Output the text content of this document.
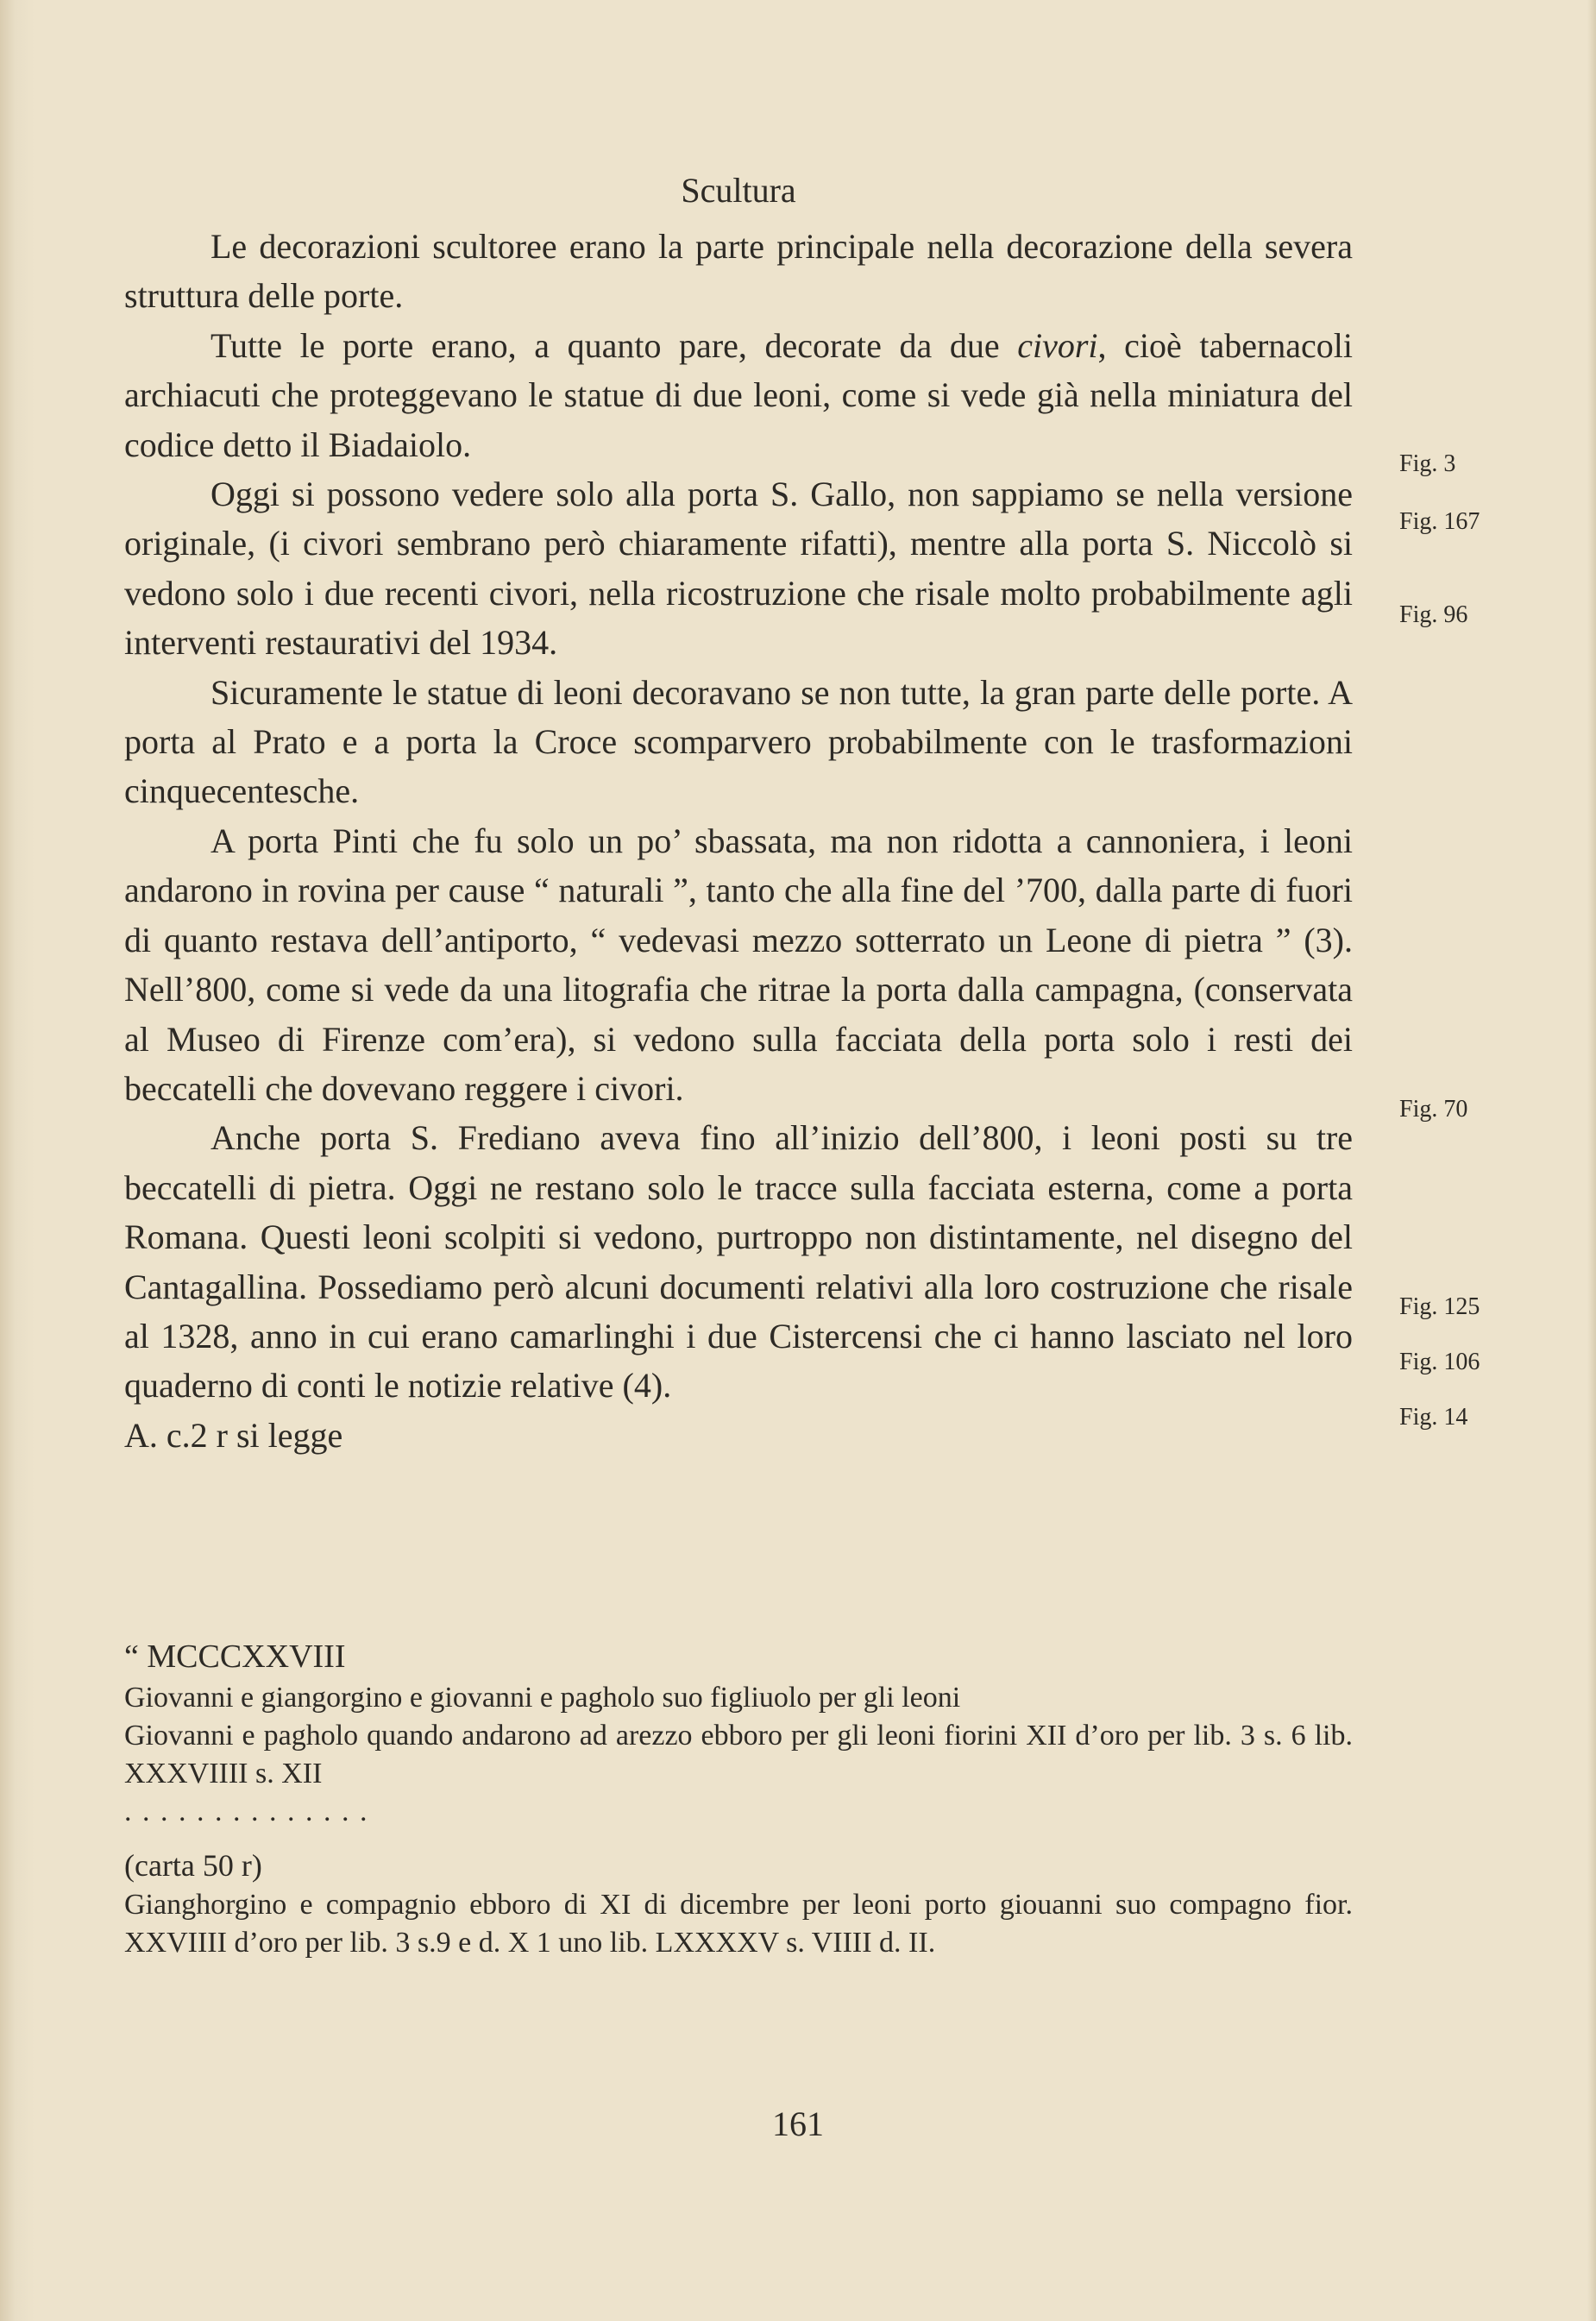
Scultura

Le decorazioni scultoree erano la parte principale nella decorazione della severa struttura delle porte.

Tutte le porte erano, a quanto pare, decorate da due civori, cioè tabernacoli archiacuti che proteggevano le statue di due leoni, come si vede già nella miniatura del codice detto il Biadaiolo.

Oggi si possono vedere solo alla porta S. Gallo, non sappiamo se nella versione originale, (i civori sembrano però chiaramente rifatti), mentre alla porta S. Niccolò si vedono solo i due recenti civori, nella ricostruzione che risale molto probabilmente agli interventi restaurativi del 1934.

Sicuramente le statue di leoni decoravano se non tutte, la gran parte delle porte. A porta al Prato e a porta la Croce scomparvero probabilmente con le trasformazioni cinquecentesche.

A porta Pinti che fu solo un po’ sbassata, ma non ridotta a cannoniera, i leoni andarono in rovina per cause “ naturali ”, tanto che alla fine del ’700, dalla parte di fuori di quanto restava dell’antiporto, “ vedevasi mezzo sotterrato un Leone di pietra ” (3). Nell’800, come si vede da una litografia che ritrae la porta dalla campagna, (conservata al Museo di Firenze com’era), si vedono sulla facciata della porta solo i resti dei beccatelli che dovevano reggere i civori.

Anche porta S. Frediano aveva fino all’inizio dell’800, i leoni posti su tre beccatelli di pietra. Oggi ne restano solo le tracce sulla facciata esterna, come a porta Romana. Questi leoni scolpiti si vedono, purtroppo non distintamente, nel disegno del Cantagallina. Possediamo però alcuni documenti relativi alla loro costruzione che risale al 1328, anno in cui erano camarlinghi i due Cistercensi che ci hanno lasciato nel loro quaderno di conti le notizie relative (4).

A. c.2 r si legge

“ MCCCXXVIII
Giovanni e giangorgino e giovanni e pagholo suo figliuolo per gli leoni
Giovanni e pagholo quando andarono ad arezzo ebboro per gli leoni fiorini XII d’oro per lib. 3 s. 6 lib. XXXVIIII s. XII
. . . . . . . . . . . . . .
(carta 50 r)
Gianghorgino e compagnio ebboro di XI di dicembre per leoni porto giouanni suo compagno fior. XXVIIII d’oro per lib. 3 s.9 e d. X 1 uno lib. LXXXXV s. VIIII d. II.
Fig. 3
Fig. 167
Fig. 96
Fig. 70
Fig. 125
Fig. 106
Fig. 14
161
